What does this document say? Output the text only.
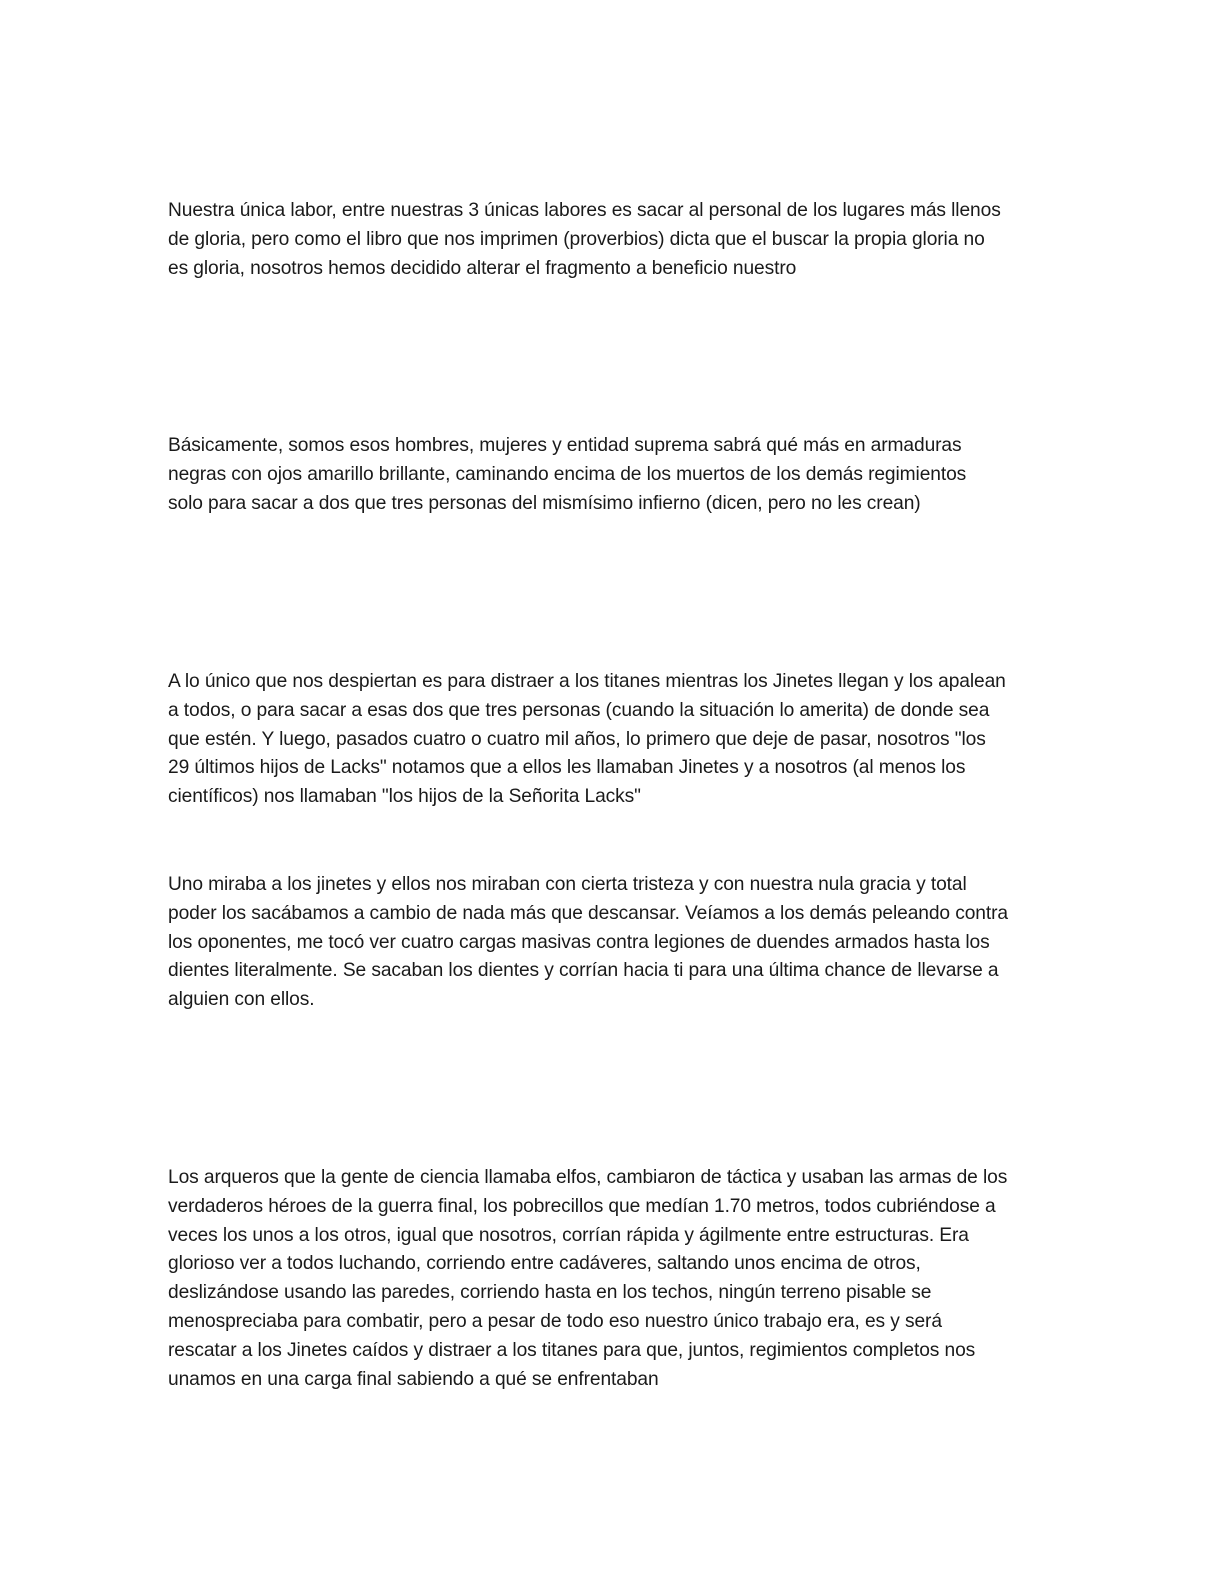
Nuestra única labor, entre nuestras 3 únicas labores es sacar al personal de los lugares más llenos
de gloria, pero como el libro que nos imprimen (proverbios) dicta que el buscar la propia gloria no
es gloria, nosotros hemos decidido alterar el fragmento a beneficio nuestro

Básicamente, somos esos hombres, mujeres y entidad suprema sabrá qué más en armaduras
negras con ojos amarillo brillante, caminando encima de los muertos de los demás regimientos
solo para sacar a dos que tres personas del mismísimo infierno (dicen, pero no les crean)

A lo único que nos despiertan es para distraer a los titanes mientras los Jinetes llegan y los apalean
a todos, o para sacar a esas dos que tres personas (cuando la situación lo amerita) de donde sea
que estén. Y luego, pasados cuatro o cuatro mil años, lo primero que deje de pasar, nosotros "los
29 últimos hijos de Lacks" notamos que a ellos les llamaban Jinetes y a nosotros (al menos los
científicos) nos llamaban "los hijos de la Señorita Lacks"

Uno miraba a los jinetes y ellos nos miraban con cierta tristeza y con nuestra nula gracia y total
poder los sacábamos a cambio de nada más que descansar. Veíamos a los demás peleando contra
los oponentes, me tocó ver cuatro cargas masivas contra legiones de duendes armados hasta los
dientes literalmente. Se sacaban los dientes y corrían hacia ti para una última chance de llevarse a
alguien con ellos.

Los arqueros que la gente de ciencia llamaba elfos, cambiaron de táctica y usaban las armas de los
verdaderos héroes de la guerra final, los pobrecillos que medían 1.70 metros, todos cubriéndose a
veces los unos a los otros, igual que nosotros, corrían rápida y ágilmente entre estructuras. Era
glorioso ver a todos luchando, corriendo entre cadáveres, saltando unos encima de otros,
deslizándose usando las paredes, corriendo hasta en los techos, ningún terreno pisable se
menospreciaba para combatir, pero a pesar de todo eso nuestro único trabajo era, es y será
rescatar a los Jinetes caídos y distraer a los titanes para que, juntos, regimientos completos nos
unamos en una carga final sabiendo a qué se enfrentaban
